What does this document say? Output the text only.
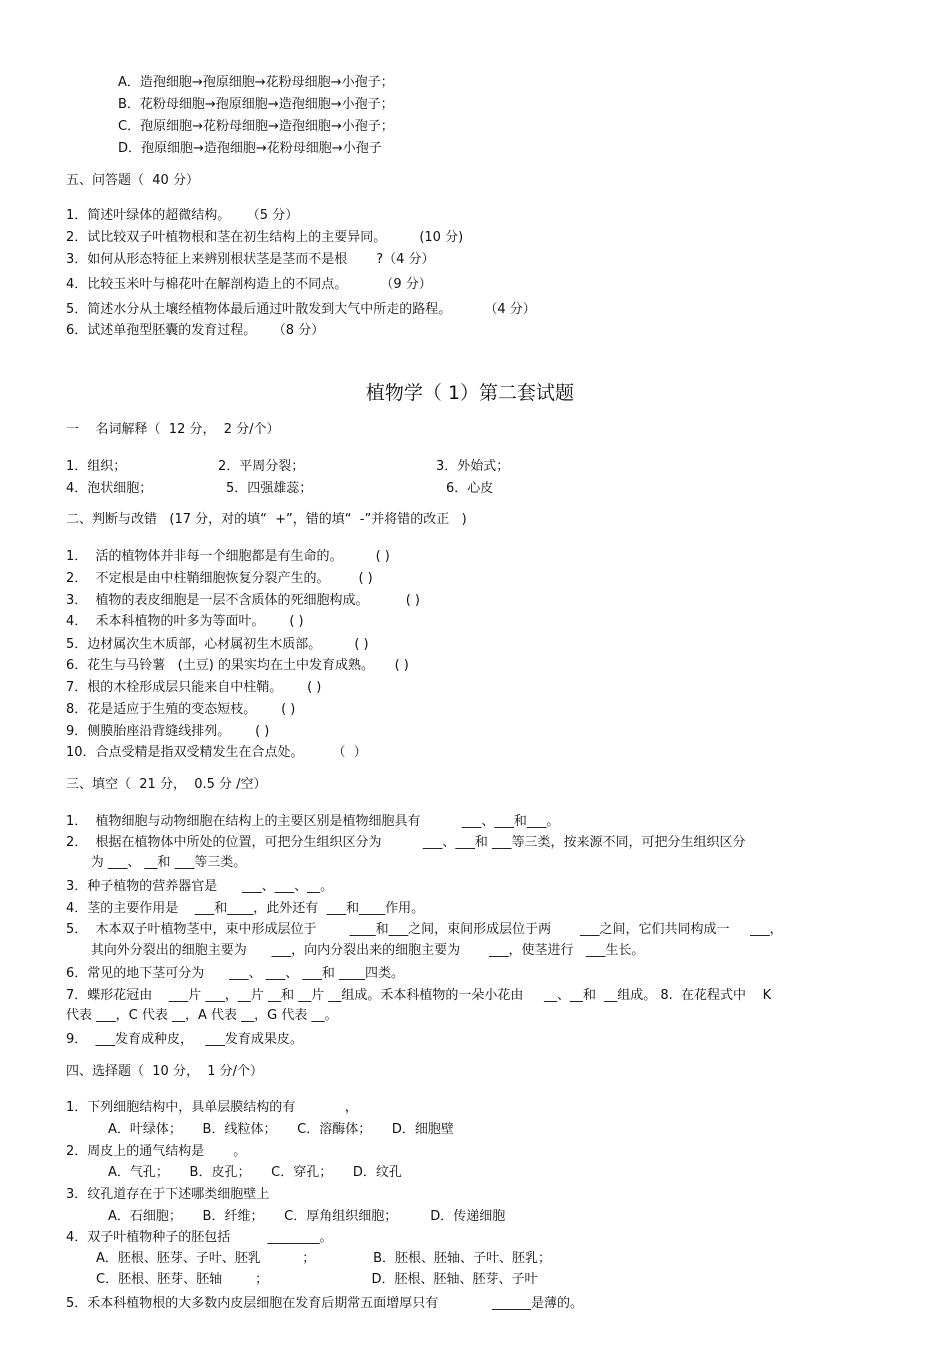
A．造孢细胞→孢原细胞→花粉母细胞→小孢子；
B．花粉母细胞→孢原细胞→造孢细胞→小孢子；
C．孢原细胞→花粉母细胞→造孢细胞→小孢子；
D．孢原细胞→造孢细胞→花粉母细胞→小孢子
五、问答题（  40 分）
1．简述叶绿体的超微结构。    （5 分）
2．试比较双子叶植物根和茎在初生结构上的主要异同。        (10 分)
3．如何从形态特征上来辨别根状茎是茎而不是根       ?（4 分）
4．比较玉米叶与棉花叶在解剖构造上的不同点。        （9 分）
5．简述水分从土壤经植物体最后通过叶散发到大气中所走的路程。        （4 分）
6．试述单孢型胚囊的发育过程。    （8 分）
植物学（ 1）第二套试题
一    名词解释（  12 分，  2 分/个）
1．组织；	2．平周分裂；	3．外始式；
4．泡状细胞；	5．四强雄蕊；	6．心皮
二、判断与改错   (17 分，对的填“  +”，错的填“  -”并将错的改正   )
1．  活的植物体并非每一个细胞都是有生命的。        ( )
2．  不定根是由中柱鞘细胞恢复分裂产生的。       ( )
3．  植物的表皮细胞是一层不含质体的死细胞构成。         ( )
4．  禾本科植物的叶多为等面叶。      ( )
5．边材属次生木质部，心材属初生木质部。        ( )
6．花生与马铃薯   (土豆) 的果实均在土中发育成熟。     ( )
7．根的木栓形成层只能来自中柱鞘。      ( )
8．花是适应于生殖的变态短枝。      ( )
9．侧膜胎座沿背缝线排列。      ( )
10．合点受精是指双受精发生在合点处。       （  ）
三、填空（  21 分，  0.5 分 /空）
1．  植物细胞与动物细胞在结构上的主要区别是植物细胞具有          ___、___和___。
2．  根据在植物体中所处的位置，可把分生组织区分为          ___、___和 ___等三类，按来源不同，可把分生组织区分
为 ___、 __和 ___等三类。
3．种子植物的营养器官是      ___、___、__。
4．茎的主要作用是    ___和____，此外还有  ___和____作用。
5．  木本双子叶植物茎中，束中形成层位于        ____和___之间，束间形成层位于两       ___之间，它们共同构成一     ___，
其向外分裂出的细胞主要为      ___，向内分裂出来的细胞主要为       ___，使茎进行   ___生长。
6．常见的地下茎可分为      ___、 ___、 ___和 ____四类。
7．蝶形花冠由    ___片 ___，__片 __和 __片 __组成。禾本科植物的一朵小花由     __、__和  __组成。 8.  在花程式中    K
代表 ___，C 代表 __，A 代表 __，G 代表 __。
9．  ___发育成种皮，   ___发育成果皮。
四、选择题（  10 分，  1 分/个）
1．下列细胞结构中，具单层膜结构的有            ，
A．叶绿体；     B．线粒体；     C．溶酶体；     D．细胞壁
2．周皮上的通气结构是       。
A．气孔；     B．皮孔；     C．穿孔；     D．纹孔
3．纹孔道存在于下述哪类细胞壁上
A．石细胞；     B．纤维；     C．厚角组织细胞；        D．传递细胞
4．双子叶植物种子的胚包括         ________。
A．胚根、胚芽、子叶、胚乳          ；              B．胚根、胚轴、子叶、胚乳；
C．胚根、胚芽、胚轴        ；                         D．胚根、胚轴、胚芽、子叶
5．禾本科植物根的大多数内皮层细胞在发育后期常五面增厚只有             ______是薄的。
